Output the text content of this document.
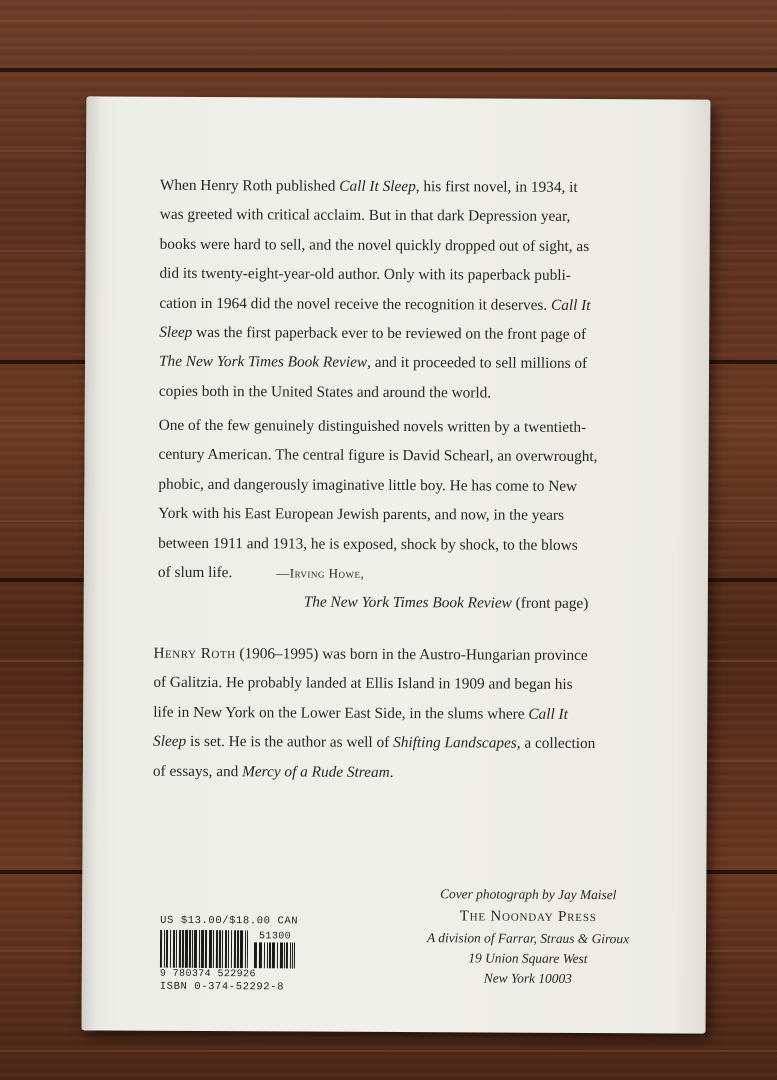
When Henry Roth published Call It Sleep, his first novel, in 1934, it
was greeted with critical acclaim. But in that dark Depression year,
books were hard to sell, and the novel quickly dropped out of sight, as
did its twenty-eight-year-old author. Only with its paperback publi-
cation in 1964 did the novel receive the recognition it deserves. Call It
Sleep was the first paperback ever to be reviewed on the front page of
The New York Times Book Review, and it proceeded to sell millions of
copies both in the United States and around the world.
One of the few genuinely distinguished novels written by a twentieth-
century American. The central figure is David Schearl, an overwrought,
phobic, and dangerously imaginative little boy. He has come to New
York with his East European Jewish parents, and now, in the years
between 1911 and 1913, he is exposed, shock by shock, to the blows
of slum life.	—Irving Howe,
The New York Times Book Review (front page)
Henry Roth (1906–1995) was born in the Austro-Hungarian province
of Galitzia. He probably landed at Ellis Island in 1909 and began his
life in New York on the Lower East Side, in the slums where Call It
Sleep is set. He is the author as well of Shifting Landscapes, a collection
of essays, and Mercy of a Rude Stream.
US $13.00/$18.00 CAN
51300
9 780374 522926
ISBN 0-374-52292-8
Cover photograph by Jay Maisel
The Noonday Press
A division of Farrar, Straus & Giroux
19 Union Square West
New York 10003
